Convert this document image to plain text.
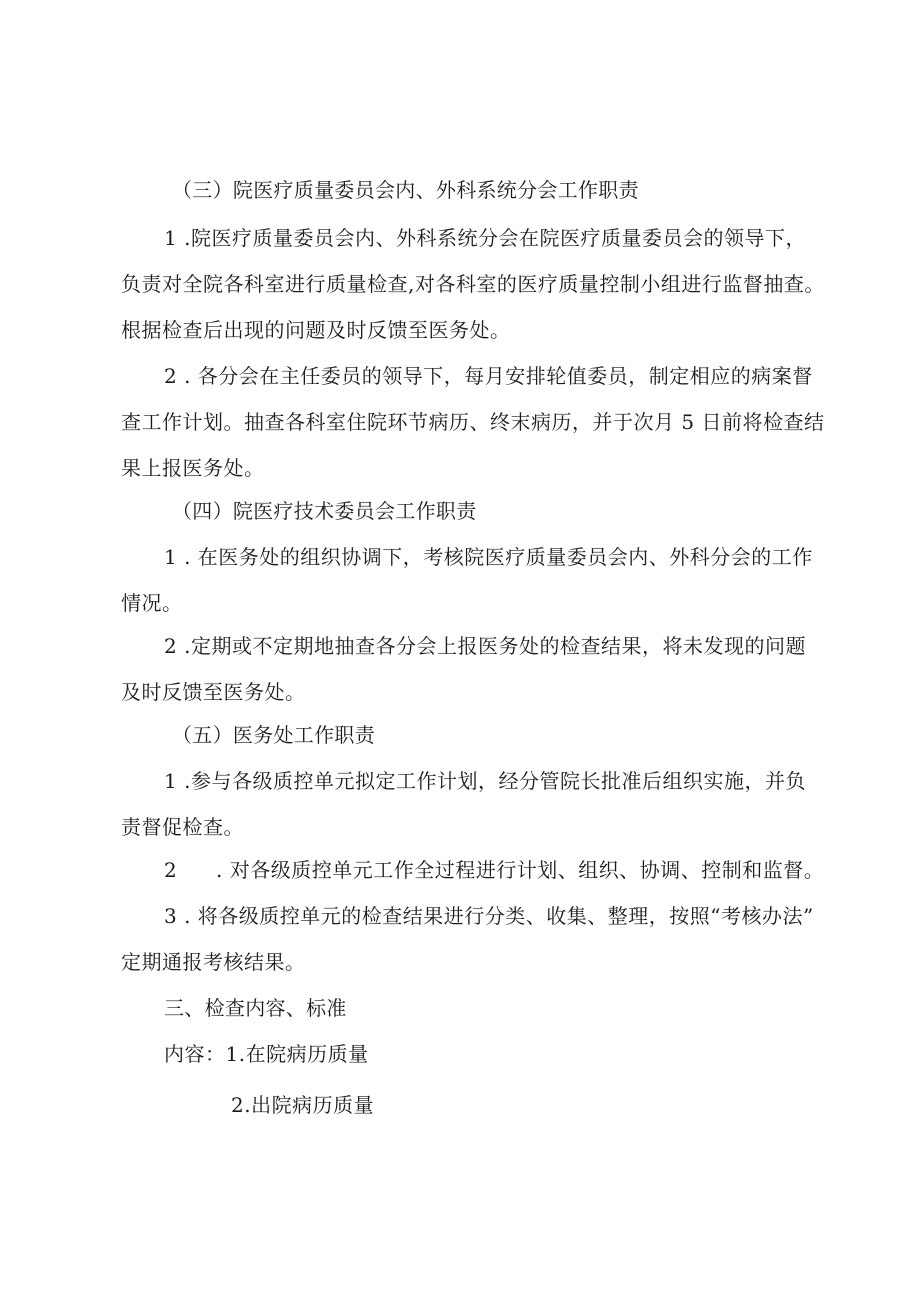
（三）院医疗质量委员会内、外科系统分会工作职责
1 .院医疗质量委员会内、外科系统分会在院医疗质量委员会的领导下，
负责对全院各科室进行质量检查,对各科室的医疗质量控制小组进行监督抽查。
根据检查后出现的问题及时反馈至医务处。
2 . 各分会在主任委员的领导下，每月安排轮值委员，制定相应的病案督
查工作计划。抽查各科室住院环节病历、终末病历，并于次月 5 日前将检查结
果上报医务处。
（四）院医疗技术委员会工作职责
1 . 在医务处的组织协调下，考核院医疗质量委员会内、外科分会的工作
情况。
2 .定期或不定期地抽查各分会上报医务处的检查结果，将未发现的问题
及时反馈至医务处。
（五）医务处工作职责
1 .参与各级质控单元拟定工作计划，经分管院长批准后组织实施，并负
责督促检查。
2 . 对各级质控单元工作全过程进行计划、组织、协调、控制和监督。
3 . 将各级质控单元的检查结果进行分类、收集、整理，按照“考核办法”
定期通报考核结果。
三、检查内容、标准
内容：1.在院病历质量
2.出院病历质量
